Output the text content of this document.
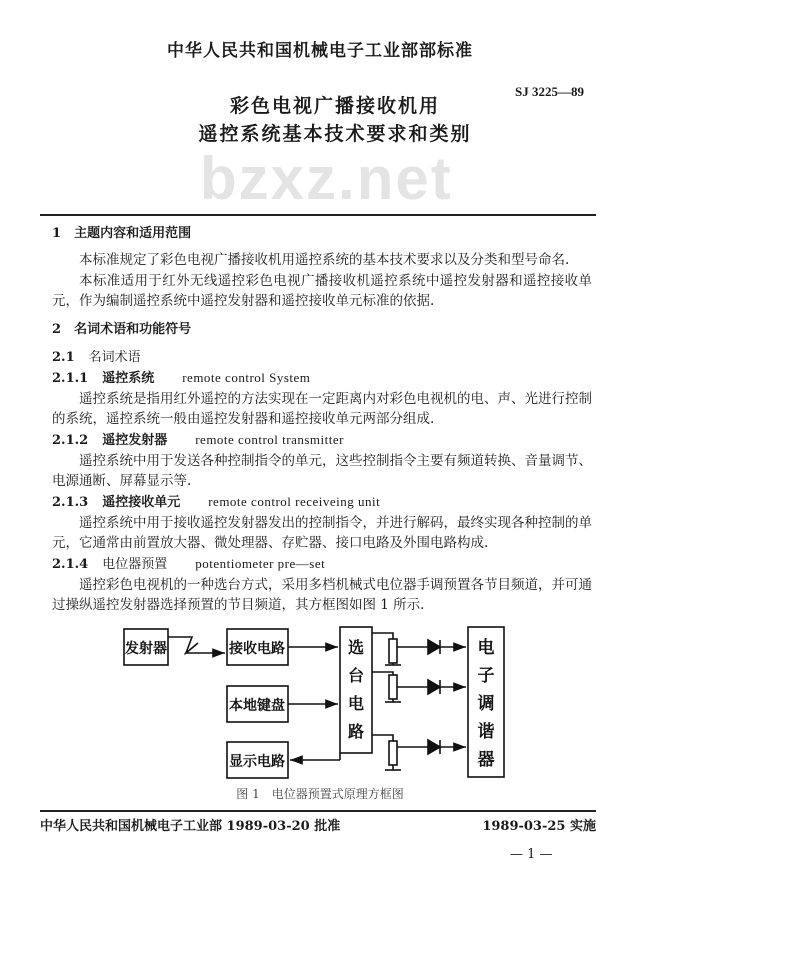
中华人民共和国机械电子工业部部标准
SJ 3225—89
彩色电视广播接收机用
遥控系统基本技术要求和类别
bzxz.net
1　 主题内容和适用范围
本标准规定了彩色电视广播接收机用遥控系统的基本技术要求以及分类和型号命名.
本标准适用于红外无线遥控彩色电视广播接收机遥控系统中遥控发射器和遥控接收单元，作为编制遥控系统中遥控发射器和遥控接收单元标准的依据.
2　 名词术语和功能符号
2.1 名词术语
2.1.1 遥控系统 remote control System
遥控系统是指用红外遥控的方法实现在一定距离内对彩色电视机的电、声、光进行控制的系统，遥控系统一般由遥控发射器和遥控接收单元两部分组成.
2.1.2 遥控发射器 remote control transmitter
遥控系统中用于发送各种控制指令的单元，这些控制指令主要有频道转换、音量调节、电源通断、屏幕显示等.
2.1.3 遥控接收单元 remote control receiveing unit
遥控系统中用于接收遥控发射器发出的控制指令，并进行解码，最终实现各种控制的单元，它通常由前置放大器、微处理器、存贮器、接口电路及外围电路构成.
2.1.4 电位器预置 potentiometer pre—set
遥控彩色电视机的一种选台方式，采用多档机械式电位器手调预置各节目频道，并可通过操纵遥控发射器选择预置的节目频道，其方框图如图 1 所示.
发射器	接收电路
本地键盘
显示电路
选
台
电
路
电
子
调
谐
器
图 1　电位器预置式原理方框图
中华人民共和国机械电子工业部 1989-03-20 批准	1989-03-25 实施
— 1 —
